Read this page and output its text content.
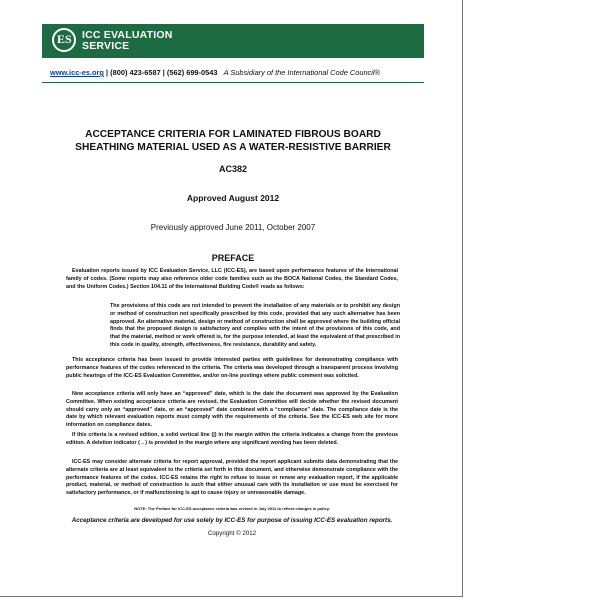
ES ICC EVALUATION
SERVICE
www.icc-es.org | (800) 423-6587 | (562) 699-0543 A Subsidiary of the International Code Council®
ACCEPTANCE CRITERIA FOR LAMINATED FIBROUS BOARD
SHEATHING MATERIAL USED AS A WATER-RESISTIVE BARRIER
AC382
Approved August 2012
Previously approved June 2011, October 2007
PREFACE
Evaluation reports issued by ICC Evaluation Service, LLC (ICC-ES), are based upon performance features of the International family of codes. (Some reports may also reference older code families such as the BOCA National Codes, the Standard Codes, and the Uniform Codes.) Section 104.11 of the International Building Code® reads as follows:
The provisions of this code are not intended to prevent the installation of any materials or to prohibit any design or method of construction not specifically prescribed by this code, provided that any such alternative has been approved. An alternative material, design or method of construction shall be approved where the building official finds that the proposed design is satisfactory and complies with the intent of the provisions of this code, and that the material, method or work offered is, for the purpose intended, at least the equivalent of that prescribed in this code in quality, strength, effectiveness, fire resistance, durability and safety.
This acceptance criteria has been issued to provide interested parties with guidelines for demonstrating compliance with performance features of the codes referenced in the criteria. The criteria was developed through a transparent process involving public hearings of the ICC-ES Evaluation Committee, and/or on-line postings where public comment was solicited.
New acceptance criteria will only have an “approved” date, which is the date the document was approved by the Evaluation Committee. When existing acceptance criteria are revised, the Evaluation Committee will decide whether the revised document should carry only an “approved” date, or an “approved” date combined with a “compliance” date. The compliance date is the date by which relevant evaluation reports must comply with the requirements of the criteria. See the ICC-ES web site for more information on compliance dates.
If this criteria is a revised edition, a solid vertical line (|) in the margin within the criteria indicates a change from the previous edition. A deletion indicator (→) is provided in the margin where any significant wording has been deleted.
ICC-ES may consider alternate criteria for report approval, provided the report applicant submits data demonstrating that the alternate criteria are at least equivalent to the criteria set forth in this document, and otherwise demonstrate compliance with the performance features of the codes. ICC-ES retains the right to refuse to issue or renew any evaluation report, if the applicable product, material, or method of construction is such that either unusual care with its installation or use must be exercised for satisfactory performance, or if malfunctioning is apt to cause injury or unreasonable damage.
NOTE: The Preface for ICC-ES acceptance criteria was revised in July 2011 to reflect changes in policy.
Acceptance criteria are developed for use solely by ICC-ES for purpose of issuing ICC-ES evaluation reports.
Copyright © 2012
